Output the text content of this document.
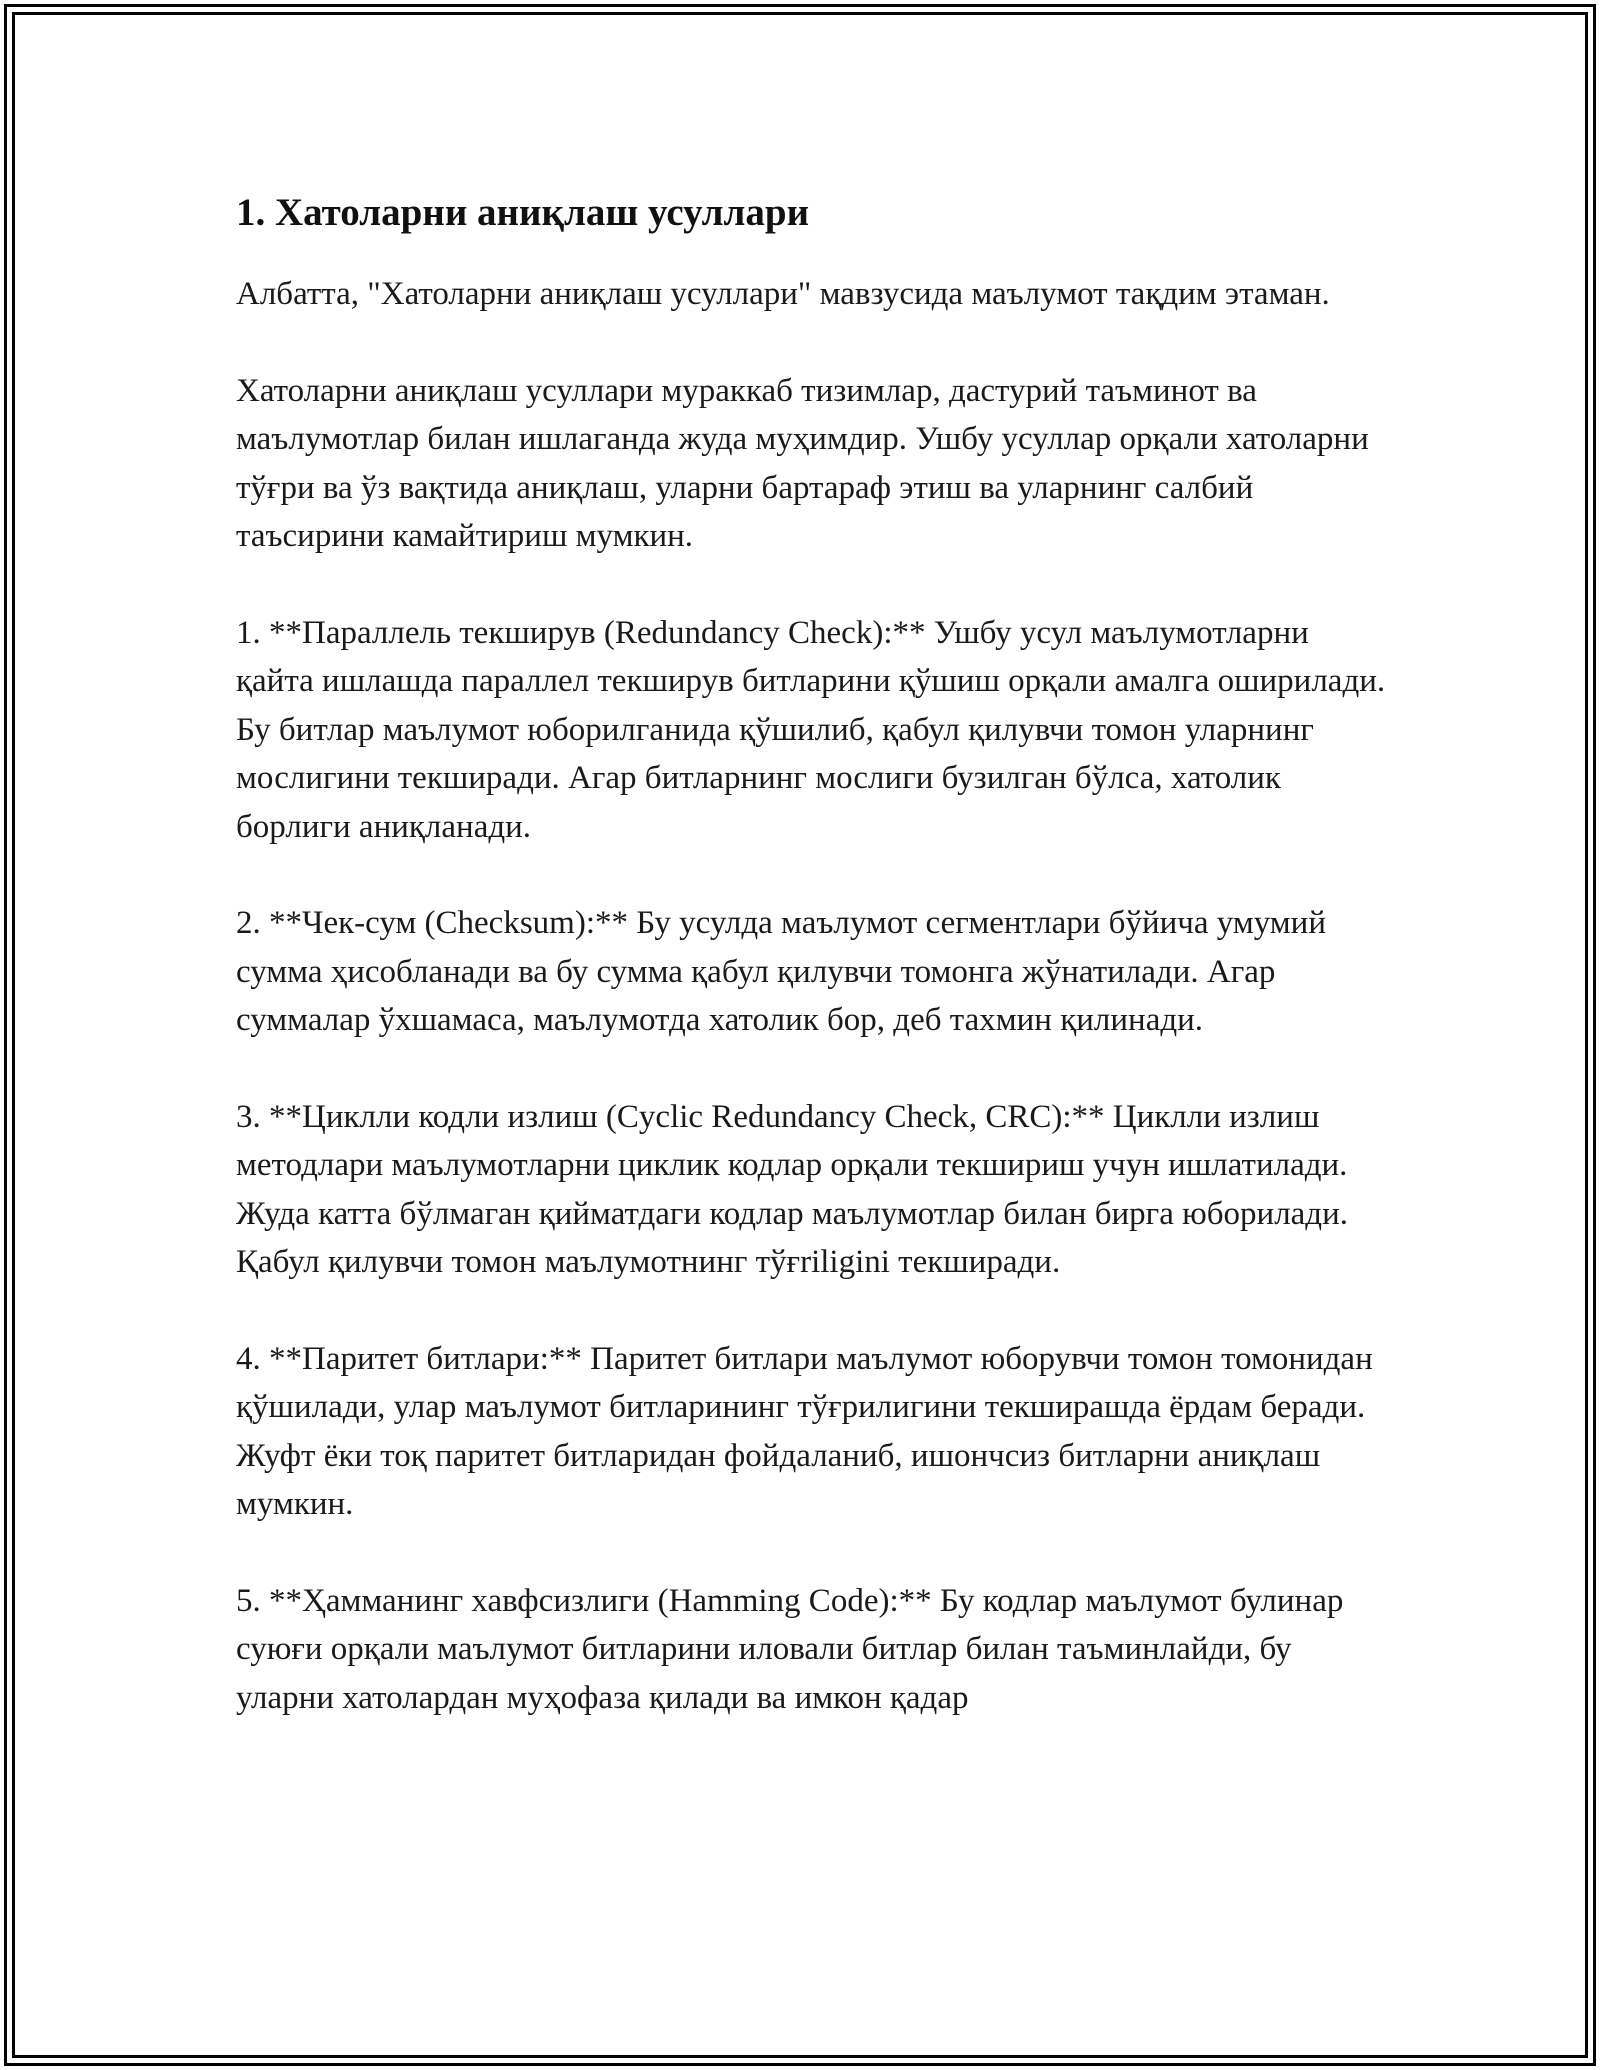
1. Хатоларни аниқлаш усуллари

Албатта, "Хатоларни аниқлаш усуллари" мавзусида маълумот тақдим этаман.

Хатоларни аниқлаш усуллари мураккаб тизимлар, дастурий таъминот ва маълумотлар билан ишлаганда жуда муҳимдир. Ушбу усуллар орқали хатоларни тўғри ва ўз вақтида аниқлаш, уларни бартараф этиш ва уларнинг салбий таъсирини камайтириш мумкин.

1. **Параллель текширув (Redundancy Check):** Ушбу усул маълумотларни қайта ишлашда параллел текширув битларини қўшиш орқали амалга оширилади. Бу битлар маълумот юборилганида қўшилиб, қабул қилувчи томон уларнинг мослигини текширади. Агар битларнинг мослиги бузилган бўлса, хатолик борлиги аниқланади.

2. **Чек-сум (Checksum):** Бу усулда маълумот сегментлари бўйича умумий сумма ҳисобланади ва бу сумма қабул қилувчи томонга жўнатилади. Агар суммалар ўхшамаса, маълумотда хатолик бор, деб тахмин қилинади.

3. **Циклли кодли излиш (Cyclic Redundancy Check, CRC):** Циклли излиш методлари маълумотларни циклик кодлар орқали текшириш учун ишлатилади. Жуда катта бўлмаган қийматдаги кодлар маълумотлар билан бирга юборилади. Қабул қилувчи томон маълумотнинг тўғriligini текширади.

4. **Паритет битлари:** Паритет битлари маълумот юборувчи томон томонидан қўшилади, улар маълумот битларининг тўғрилигини текширашда ёрдам беради. Жуфт ёки тоқ паритет битларидан фойдаланиб, ишончсиз битларни аниқлаш мумкин.

5. **Ҳамманинг хавфсизлиги (Hamming Code):** Бу кодлар маълумот булинар суюғи орқали маълумот битларини иловали битлар билан таъминлайди, бу уларни хатолардан муҳофаза қилади ва имкон қадар
